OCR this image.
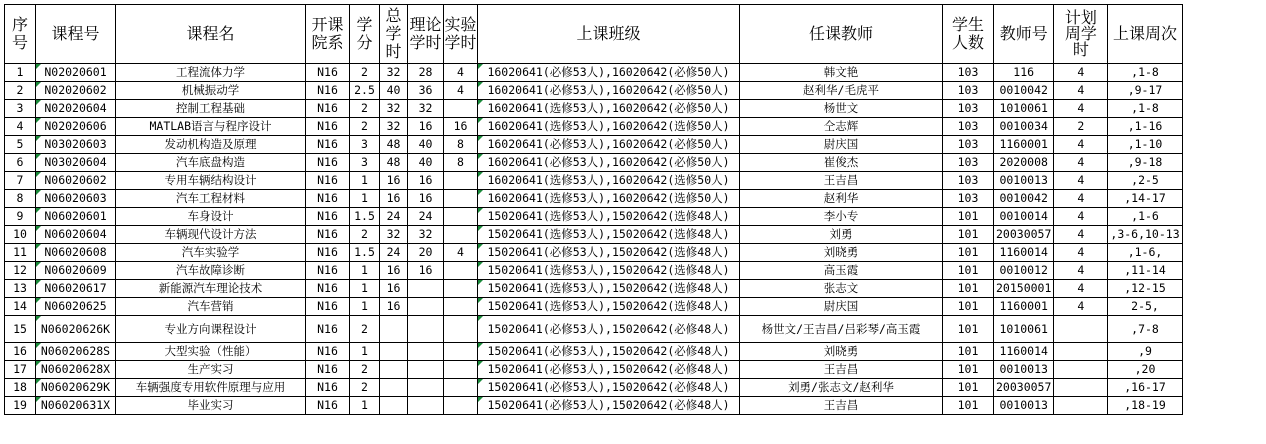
序号	课程号	课程名	开课院系	学分	总学时	理论学时	实验学时	上课班级	任课教师	学生人数	教师号	计划周学时	上课周次
1	N02020601	工程流体力学	N16	2	32	28	4	16020641(必修53人),16020642(必修50人)	韩文艳	103	116	4	,1-8
2	N02020602	机械振动学	N16	2.5	40	36	4	16020641(必修53人),16020642(必修50人)	赵利华/毛虎平	103	0010042	4	,9-17
3	N02020604	控制工程基础	N16	2	32	32		16020641(选修53人),16020642(必修50人)	杨世文	103	1010061	4	,1-8
4	N02020606	MATLAB语言与程序设计	N16	2	32	16	16	16020641(选修53人),16020642(选修50人)	仝志辉	103	0010034	2	,1-16
5	N03020603	发动机构造及原理	N16	3	48	40	8	16020641(必修53人),16020642(必修50人)	尉庆国	103	1160001	4	,1-10
6	N03020604	汽车底盘构造	N16	3	48	40	8	16020641(必修53人),16020642(必修50人)	崔俊杰	103	2020008	4	,9-18
7	N06020602	专用车辆结构设计	N16	1	16	16		16020641(选修53人),16020642(选修50人)	王吉昌	103	0010013	4	,2-5
8	N06020603	汽车工程材料	N16	1	16	16		16020641(选修53人),16020642(选修50人)	赵利华	103	0010042	4	,14-17
9	N06020601	车身设计	N16	1.5	24	24		15020641(选修53人),15020642(选修48人)	李小专	101	0010014	4	,1-6
10	N06020604	车辆现代设计方法	N16	2	32	32		15020641(选修53人),15020642(选修48人)	刘勇	101	20030057	4	,3-6,10-13
11	N06020608	汽车实验学	N16	1.5	24	20	4	15020641(必修53人),15020642(选修48人)	刘晓勇	101	1160014	4	,1-6,
12	N06020609	汽车故障诊断	N16	1	16	16		15020641(选修53人),15020642(选修48人)	高玉霞	101	0010012	4	,11-14
13	N06020617	新能源汽车理论技术	N16	1	16			15020641(选修53人),15020642(选修48人)	张志文	101	20150001	4	,12-15
14	N06020625	汽车营销	N16	1	16			15020641(选修53人),15020642(选修48人)	尉庆国	101	1160001	4	2-5,
15	N06020626K	专业方向课程设计	N16	2				15020641(必修53人),15020642(必修48人)	杨世文/王吉昌/吕彩琴/高玉霞	101	1010061		,7-8
16	N06020628S	大型实验（性能）	N16	1				15020641(必修53人),15020642(必修48人)	刘晓勇	101	1160014		,9
17	N06020628X	生产实习	N16	2				15020641(必修53人),15020642(必修48人)	王吉昌	101	0010013		,20
18	N06020629K	车辆强度专用软件原理与应用	N16	2				15020641(必修53人),15020642(必修48人)	刘勇/张志文/赵利华	101	20030057		,16-17
19	N06020631X	毕业实习	N16	1				15020641(必修53人),15020642(必修48人)	王吉昌	101	0010013		,18-19
